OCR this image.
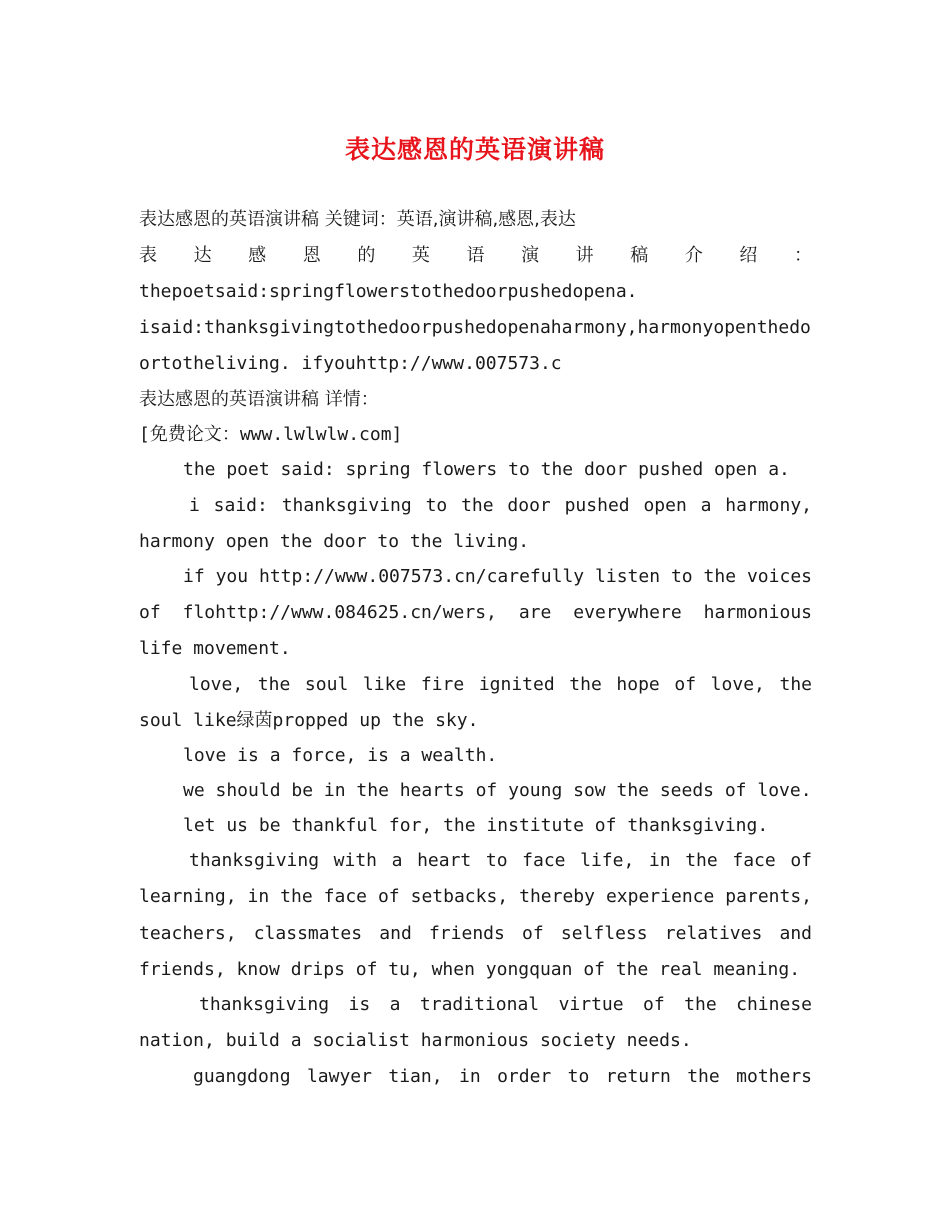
表达感恩的英语演讲稿
表达感恩的英语演讲稿 关键词：英语,演讲稿,感恩,表达
表 达 感 恩 的 英 语 演 讲 稿 介 绍 ：
thepoetsaid:springflowerstothedoorpushedopena.
isaid:thanksgivingtothedoorpushedopenaharmony,harmonyopenthedo
ortotheliving. ifyouhttp://www.007573.c
表达感恩的英语演讲稿 详情：
[免费论文：www.lwlwlw.com]
the poet said: spring flowers to the door pushed open a.
i said: thanksgiving to the door pushed open a harmony,
harmony open the door to the living.
if you http://www.007573.cn/carefully listen to the voices
of flohttp://www.084625.cn/wers, are everywhere harmonious
life movement.
love, the soul like fire ignited the hope of love, the
soul like绿茵propped up the sky.
love is a force, is a wealth.
we should be in the hearts of young sow the seeds of love.
let us be thankful for, the institute of thanksgiving.
thanksgiving with a heart to face life, in the face of
learning, in the face of setbacks, thereby experience parents,
teachers, classmates and friends of selfless relatives and
friends, know drips of tu, when yongquan of the real meaning.
thanksgiving is a traditional virtue of the chinese
nation, build a socialist harmonious society needs.
guangdong lawyer tian, in order to return the mothers
